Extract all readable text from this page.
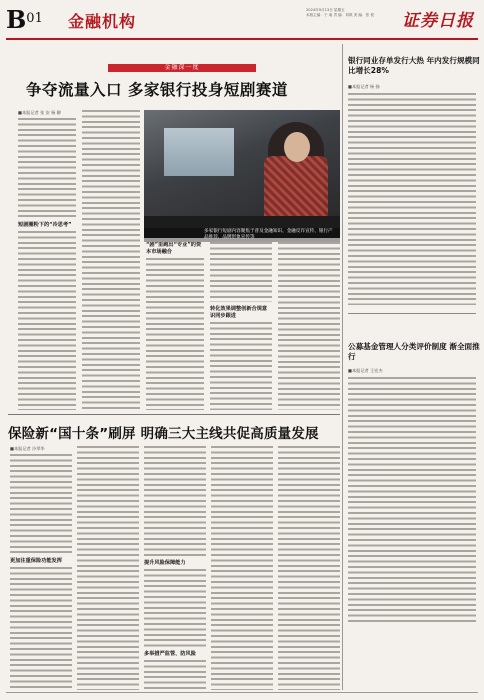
$B^{01}$ 金融机构
2024年9月13日 星期五
本版主编：于 南 责 编：刘琪 美 编：张 悦	证券日报
金融深一度
争夺流量入口 多家银行投身短剧赛道
■本报记者 张 安 杨 柳
短剧圈粉下的“冷思考”
多家银行短剧内容聚焦于普及金融知识、金融反诈宣传、银行产品推荐、品牌形象宣传等
“剧”里跑出“专业”的资本市场融合
转化效果调整创新合规意识同步跟进
银行同业存单发行大热 年内发行规模同比增长28%
■本报记者 杨 扬
公募基金管理人分类评价制度 渐全面推行
■本报记者 王宏杰
保险新“国十条”刷屏 明确三大主线共促高质量发展
■本报记者 冷翠华
更加注重保险功能发挥	提升风险保障能力
多举措严监管、防风险
